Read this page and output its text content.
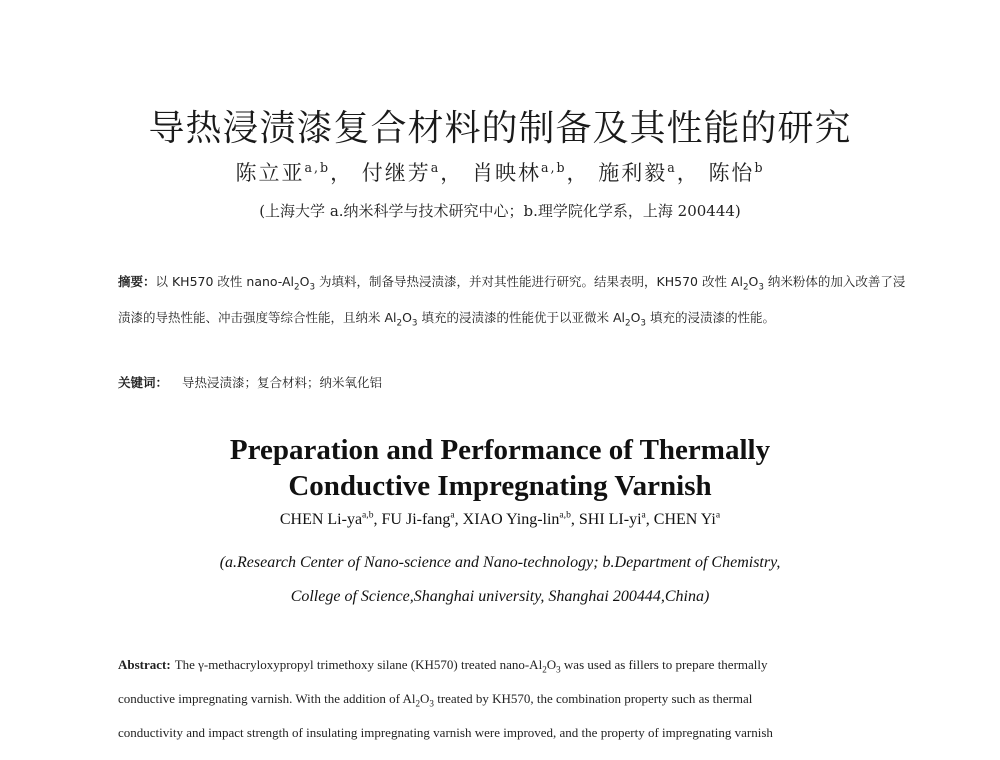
导热浸渍漆复合材料的制备及其性能的研究
陈立亚$^{a,b}$， 付继芳$^a$， 肖映林$^{a,b}$， 施利毅$^a$， 陈怡$^b$
(上海大学 a.纳米科学与技术研究中心；b.理学院化学系，上海 200444)

摘要：以 KH570 改性 nano-$Al_2O_3$ 为填料，制备导热浸渍漆，并对其性能进行研究。结果表明，KH570 改性 $Al_2O_3$ 纳米粉体的加入改善了浸渍漆的导热性能、冲击强度等综合性能，且纳米 $Al_2O_3$ 填充的浸渍漆的性能优于以亚微米 $Al_2O_3$ 填充的浸渍漆的性能。

关键词： 导热浸渍漆；复合材料；纳米氧化铝
Preparation and Performance of Thermally
Conductive Impregnating Varnish
CHEN Li-ya$^{a,b}$, FU Ji-fang$^a$, XIAO Ying-lin$^{a,b}$, SHI $LI-yi^a$, CHEN Yi$^a$
(a.Research Center of Nano-science and Nano-technology; b.Department of Chemistry,
College of Science,Shanghai university, Shanghai 200444,China)

Abstract: The γ-methacryloxypropyl trimethoxy silane (KH570) treated nano-$Al_2O_3$ was used as fillers to prepare thermally
conductive impregnating varnish. With the addition of $Al_2O_3$ treated by KH570, the combination property such as thermal
conductivity and impact strength of insulating impregnating varnish were improved, and the property of impregnating varnish
